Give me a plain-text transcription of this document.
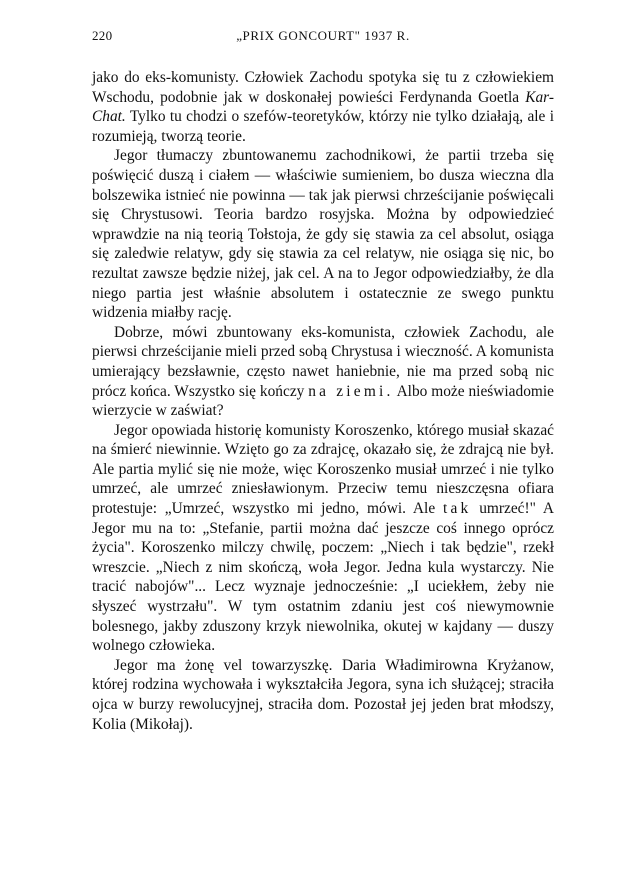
220	„PRIX GONCOURT" 1937 R.

jako do eks-komunisty. Człowiek Zachodu spotyka się tu z człowiekiem Wschodu, podobnie jak w doskonałej powieści Ferdynanda Goetla Kar-Chat. Tylko tu chodzi o szefów-teoretyków, którzy nie tylko działają, ale i rozumieją, tworzą teorie.

Jegor tłumaczy zbuntowanemu zachodnikowi, że partii trzeba się poświęcić duszą i ciałem — właściwie sumieniem, bo dusza wieczna dla bolszewika istnieć nie powinna — tak jak pierwsi chrześcijanie poświęcali się Chrystusowi. Teoria bardzo rosyjska. Można by odpowiedzieć wprawdzie na nią teorią Tołstoja, że gdy się stawia za cel absolut, osiąga się zaledwie relatyw, gdy się stawia za cel relatyw, nie osiąga się nic, bo rezultat zawsze będzie niżej, jak cel. A na to Jegor odpowiedziałby, że dla niego partia jest właśnie absolutem i ostatecznie ze swego punktu widzenia miałby rację.

Dobrze, mówi zbuntowany eks-komunista, człowiek Zachodu, ale pierwsi chrześcijanie mieli przed sobą Chrystusa i wieczność. A komunista umierający bezsławnie, często nawet haniebnie, nie ma przed sobą nic prócz końca. Wszystko się kończy na ziemi. Albo może nieświadomie wierzycie w zaświat?

Jegor opowiada historię komunisty Koroszenko, którego musiał skazać na śmierć niewinnie. Wzięto go za zdrajcę, okazało się, że zdrajcą nie był. Ale partia mylić się nie może, więc Koroszenko musiał umrzeć i nie tylko umrzeć, ale umrzeć zniesławionym. Przeciw temu nieszczęsna ofiara protestuje: „Umrzeć, wszystko mi jedno, mówi. Ale tak umrzeć!" A Jegor mu na to: „Stefanie, partii można dać jeszcze coś innego oprócz życia". Koroszenko milczy chwilę, poczem: „Niech i tak będzie", rzekł wreszcie. „Niech z nim skończą, woła Jegor. Jedna kula wystarczy. Nie tracić nabojów"... Lecz wyznaje jednocześnie: „I uciekłem, żeby nie słyszeć wystrzału". W tym ostatnim zdaniu jest coś niewymownie bolesnego, jakby zduszony krzyk niewolnika, okutej w kajdany — duszy wolnego człowieka.

Jegor ma żonę vel towarzyszkę. Daria Władimirowna Kryżanow, której rodzina wychowała i wykształciła Jegora, syna ich służącej; straciła ojca w burzy rewolucyjnej, straciła dom. Pozostał jej jeden brat młodszy, Kolia (Mikołaj).
